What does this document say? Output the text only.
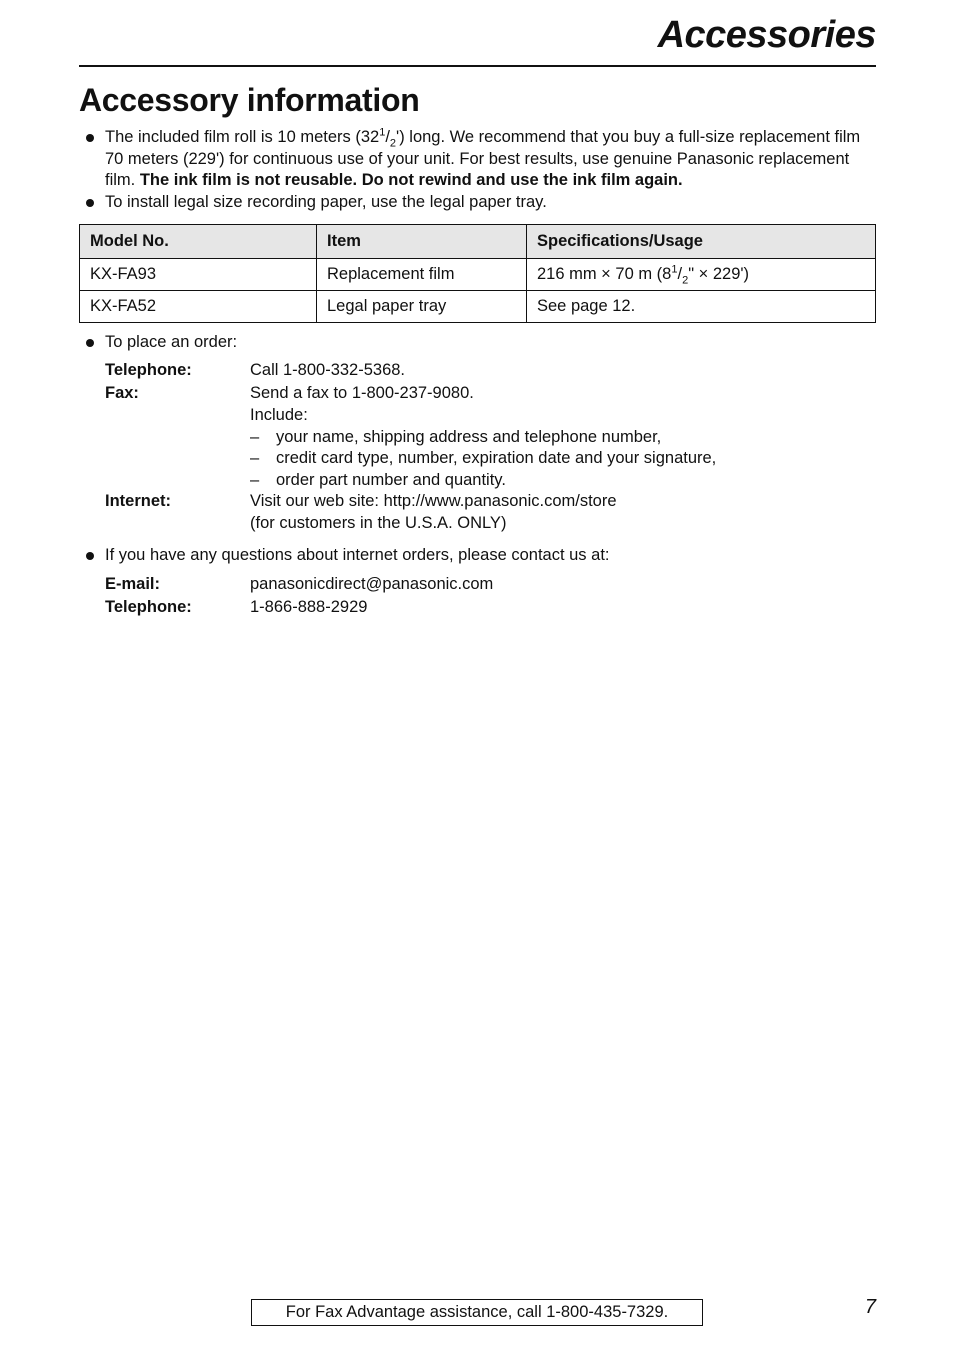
Accessories
Accessory information
The included film roll is 10 meters $(32^1/_2')$ long. We recommend that you buy a full-size replacement film 70 meters (229') for continuous use of your unit. For best results, use genuine Panasonic replacement film. The ink film is not reusable. Do not rewind and use the ink film again.
To install legal size recording paper, use the legal paper tray.
Model No.	Item	Specifications/Usage
KX-FA93	Replacement film	216 mm × 70 m ($8^1/_2$" × 229')
KX-FA52	Legal paper tray	See page 12.
To place an order:
Telephone:	Call 1-800-332-5368.
Fax:	Send a fax to 1-800-237-9080.
Include:
–	your name, shipping address and telephone number,
–	credit card type, number, expiration date and your signature,
–	order part number and quantity.
Internet:	Visit our web site: http://www.panasonic.com/store
(for customers in the U.S.A. ONLY)
If you have any questions about internet orders, please contact us at:
E-mail:	panasonicdirect@panasonic.com
Telephone:	1-866-888-2929
For Fax Advantage assistance, call 1-800-435-7329.	7
